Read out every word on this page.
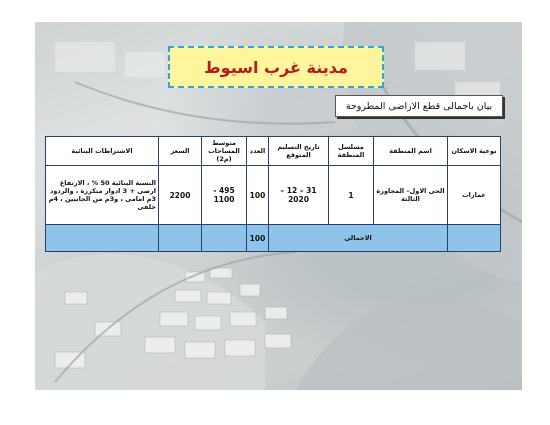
مدينة غرب اسيوط
بيان باجمالى قطع الاراضى المطروحة
نوعية الاسكان	اسم المنطقة	مسلسل المنطقة	تاريخ التسليم المتوقع	العدد	متوسط المساحات (م2)	السعر	الاشتراطات البنائية
عمارات	الحى الاول– المجاورة الثالثة	1	31 – 12 – 2020	100	495 - 1100	2200	النسبة البنائية 50 % ، الارتفاع ارضى + 3 ادوار متكررة ، والردود 3م امامى ، و3م من الجانبين ، 4م خلفى
	الاجمالى			100			
